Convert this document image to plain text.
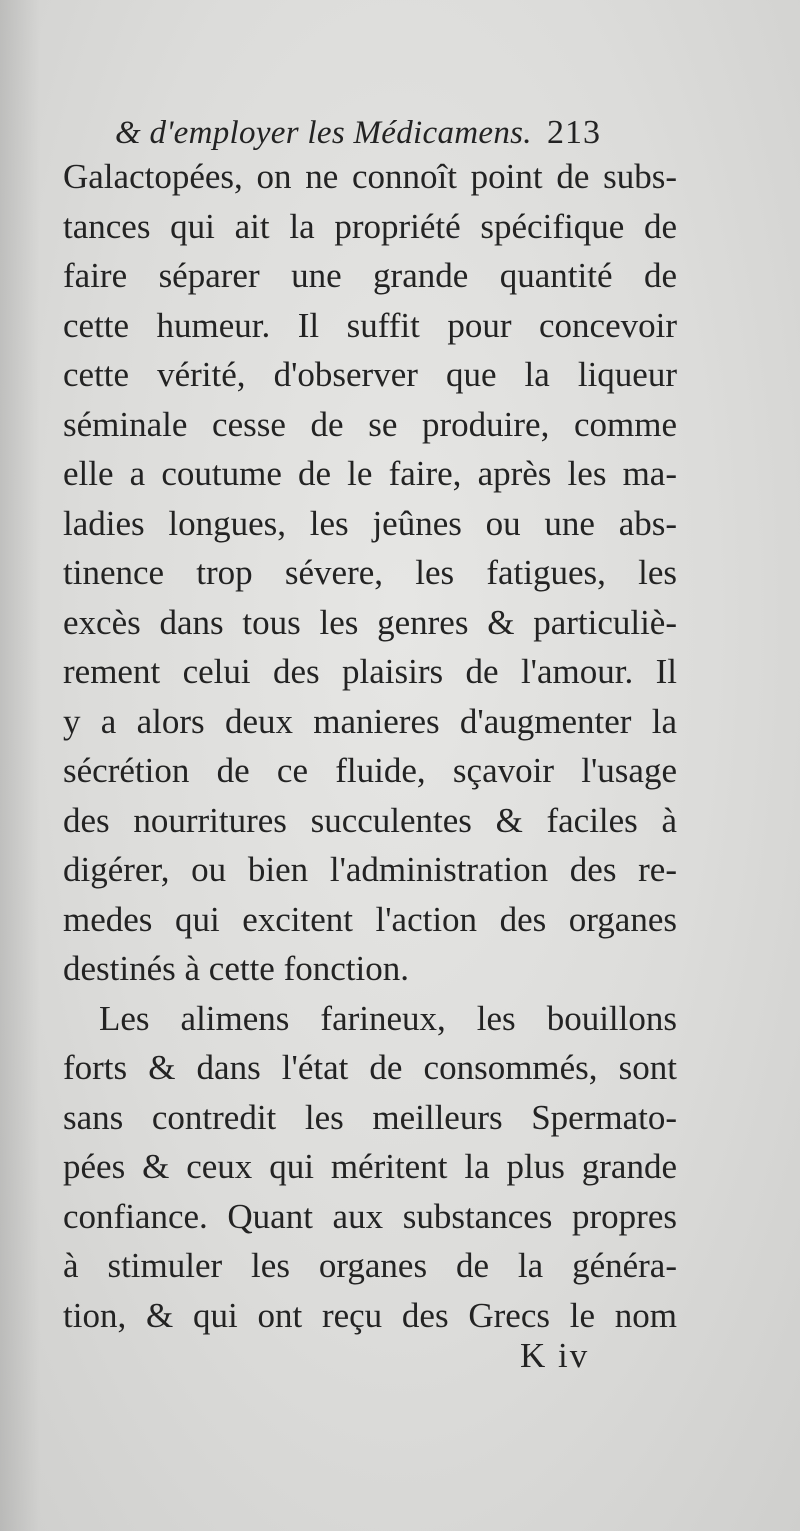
& d'employer les Médicamens. 213
Galactopées, on ne connoît point de subs-
tances qui ait la propriété spécifique de
faire séparer une grande quantité de
cette humeur. Il suffit pour concevoir
cette vérité, d'observer que la liqueur
séminale cesse de se produire, comme
elle a coutume de le faire, après les ma-
ladies longues, les jeûnes ou une abs-
tinence trop sévere, les fatigues, les
excès dans tous les genres & particuliè-
rement celui des plaisirs de l'amour. Il
y a alors deux manieres d'augmenter la
sécrétion de ce fluide, sçavoir l'usage
des nourritures succulentes & faciles à
digérer, ou bien l'administration des re-
medes qui excitent l'action des organes
destinés à cette fonction.
Les alimens farineux, les bouillons
forts & dans l'état de consommés, sont
sans contredit les meilleurs Spermato-
pées & ceux qui méritent la plus grande
confiance. Quant aux substances propres
à stimuler les organes de la généra-
tion, & qui ont reçu des Grecs le nom
K iv
